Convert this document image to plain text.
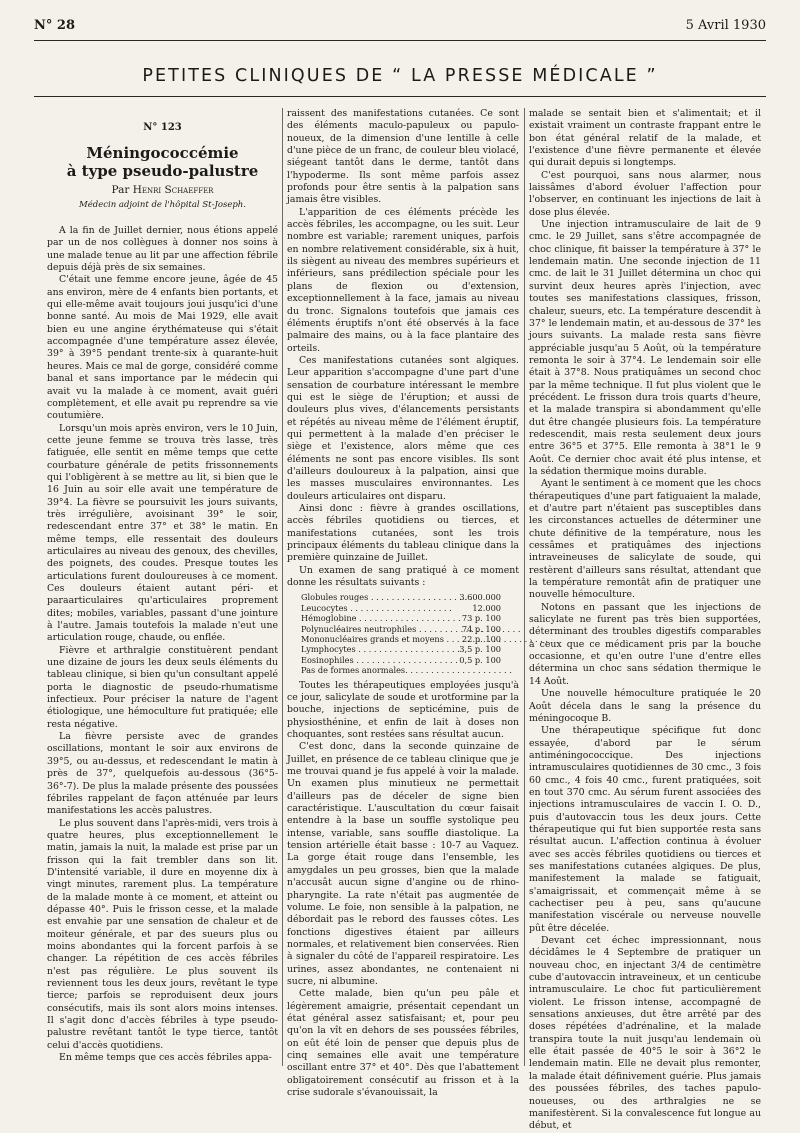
N° 28	5 Avril 1930
PETITES CLINIQUES DE “ LA PRESSE MÉDICALE ”
N° 123
Méningococcémie
à type pseudo-palustre
Par Henri Schaeffer
Médecin adjoint de l'hôpital St-Joseph.

A la fin de Juillet dernier, nous étions appelé par un de nos collègues à donner nos soins à une malade tenue au lit par une affection fébrile depuis déjà près de six semaines.

C'était une femme encore jeune, âgée de 45 ans environ, mère de 4 enfants bien portants, et qui elle-même avait toujours joui jusqu'ici d'une bonne santé. Au mois de Mai 1929, elle avait bien eu une angine érythémateuse qui s'était accompagnée d'une température assez élevée, 39° à 39°5 pendant trente-six à quarante-huit heures. Mais ce mal de gorge, considéré comme banal et sans importance par le médecin qui avait vu la malade à ce moment, avait guéri complètement, et elle avait pu reprendre sa vie coutumière.

Lorsqu'un mois après environ, vers le 10 Juin, cette jeune femme se trouva très lasse, très fatiguée, elle sentit en même temps que cette courbature générale de petits frissonnements qui l'obligèrent à se mettre au lit, si bien que le 16 Juin au soir elle avait une température de 39°4. La fièvre se poursuivit les jours suivants, très irrégulière, avoisinant 39° le soir, redescendant entre 37° et 38° le matin. En même temps, elle ressentait des douleurs articulaires au niveau des genoux, des chevilles, des poignets, des coudes. Presque toutes les articulations furent douloureuses à ce moment. Ces douleurs étaient autant péri- et paraarticulaires qu'articulaires proprement dites; mobiles, variables, passant d'une jointure à l'autre. Jamais toutefois la malade n'eut une articulation rouge, chaude, ou enflée.

Fièvre et arthralgie constituèrent pendant une dizaine de jours les deux seuls éléments du tableau clinique, si bien qu'un consultant appelé porta le diagnostic de pseudo-rhumatisme infectieux. Pour préciser la nature de l'agent étiologique, une hémoculture fut pratiquée; elle resta négative.

La fièvre persiste avec de grandes oscillations, montant le soir aux environs de 39°5, ou au-dessus, et redescendant le matin à près de 37°, quelquefois au-dessous (36°5-36°-7). De plus la malade présente des poussées fébriles rappelant de façon atténuée par leurs manifestations les accès palustres.

Le plus souvent dans l'après-midi, vers trois à quatre heures, plus exceptionnellement le matin, jamais la nuit, la malade est prise par un frisson qui la fait trembler dans son lit. D'intensité variable, il dure en moyenne dix à vingt minutes, rarement plus. La température de la malade monte à ce moment, et atteint ou dépasse 40°. Puis le frisson cesse, et la malade est envahie par une sensation de chaleur et de moiteur générale, et par des sueurs plus ou moins abondantes qui la forcent parfois à se changer. La répétition de ces accès fébriles n'est pas régulière. Le plus souvent ils reviennent tous les deux jours, revêtant le type tierce; parfois se reproduisent deux jours consécutifs, mais ils sont alors moins intenses. Il s'agit donc d'accès fébriles à type pseudo-palustre revêtant tantôt le type tierce, tantôt celui d'accès quotidiens.

En même temps que ces accès fébriles appa-

raissent des manifestations cutanées. Ce sont des éléments maculo-papuleux ou papulo-noueux, de la dimension d'une lentille à celle d'une pièce de un franc, de couleur bleu violacé, siégeant tantôt dans le derme, tantôt dans l'hypoderme. Ils sont même parfois assez profonds pour être sentis à la palpation sans jamais être visibles.

L'apparition de ces éléments précède les accès fébriles, les accompagne, ou les suit. Leur nombre est variable; rarement uniques, parfois en nombre relativement considérable, six à huit, ils siègent au niveau des membres supérieurs et inférieurs, sans prédilection spéciale pour les plans de flexion ou d'extension, exceptionnellement à la face, jamais au niveau du tronc. Signalons toutefois que jamais ces éléments éruptifs n'ont été observés à la face palmaire des mains, ou à la face plantaire des orteils.

Ces manifestations cutanées sont algiques. Leur apparition s'accompagne d'une part d'une sensation de courbature intéressant le membre qui est le siège de l'éruption; et aussi de douleurs plus vives, d'élancements persistants et répétés au niveau même de l'élément éruptif, qui permettent à la malade d'en préciser le siège et l'existence, alors même que ces éléments ne sont pas encore visibles. Ils sont d'ailleurs douloureux à la palpation, ainsi que les masses musculaires environnantes. Les douleurs articulaires ont disparu.

Ainsi donc : fièvre à grandes oscillations, accès fébriles quotidiens ou tierces, et manifestations cutanées, sont les trois principaux éléments du tableau clinique dans la première quinzaine de Juillet.

Un examen de sang pratiqué à ce moment donne les résultats suivants :

Globules rouges . . .	3.600.000
Leucocytes . . .	12.000
Hémoglobine . . .	73 p. 100
Polynucléaires neutrophiles . . .	74 p. 100
Mononucléaires grands et moyens . . .	22 p. 100
Lymphocytes . . .	3,5 p. 100
Eosinophiles . . .	0,5 p. 100
Pas de formes anormales. . . .

Toutes les thérapeutiques employées jusqu'à ce jour, salicylate de soude et urotformine par la bouche, injections de septicémine, puis de physiosthénine, et enfin de lait à doses non choquantes, sont restées sans résultat aucun.

C'est donc, dans la seconde quinzaine de Juillet, en présence de ce tableau clinique que je me trouvai quand je fus appelé à voir la malade. Un examen plus minutieux ne permettait d'ailleurs pas de déceler de signe bien caractéristique. L'auscultation du cœur faisait entendre à la base un souffle systolique peu intense, variable, sans souffle diastolique. La tension artérielle était basse : 10-7 au Vaquez. La gorge était rouge dans l'ensemble, les amygdales un peu grosses, bien que la malade n'accusât aucun signe d'angine ou de rhino-pharyngite. La rate n'était pas augmentée de volume. Le foie, non sensible à la palpation, ne débordait pas le rebord des fausses côtes. Les fonctions digestives étaient par ailleurs normales, et relativement bien conservées. Rien à signaler du côté de l'appareil respiratoire. Les urines, assez abondantes, ne contenaient ni sucre, ni albumine.

Cette malade, bien qu'un peu pâle et légèrement amaigrie, présentait cependant un état général assez satisfaisant; et, pour peu qu'on la vît en dehors de ses poussées fébriles, on eût été loin de penser que depuis plus de cinq semaines elle avait une température oscillant entre 37° et 40°. Dès que l'abattement obligatoirement consécutif au frisson et à la crise sudorale s'évanouissait, la

malade se sentait bien et s'alimentait; et il existait vraiment un contraste frappant entre le bon état général relatif de la malade, et l'existence d'une fièvre permanente et élevée qui durait depuis si longtemps.

C'est pourquoi, sans nous alarmer, nous laissâmes d'abord évoluer l'affection pour l'observer, en continuant les injections de lait à dose plus élevée.

Une injection intramusculaire de lait de 9 cmc. le 29 Juillet, sans s'être accompagnée de choc clinique, fit baisser la température à 37° le lendemain matin. Une seconde injection de 11 cmc. de lait le 31 Juillet détermina un choc qui survint deux heures après l'injection, avec toutes ses manifestations classiques, frisson, chaleur, sueurs, etc. La température descendit à 37° le lendemain matin, et au-dessous de 37° les jours suivants. La malade resta sans fièvre appréciable jusqu'au 5 Août, où la température remonta le soir à 37°4. Le lendemain soir elle était à 37°8. Nous pratiquâmes un second choc par la même technique. Il fut plus violent que le précédent. Le frisson dura trois quarts d'heure, et la malade transpira si abondamment qu'elle dut être changée plusieurs fois. La température redescendit, mais resta seulement deux jours entre 36°5 et 37°5. Elle remonta à 38°1 le 9 Août. Ce dernier choc avait été plus intense, et la sédation thermique moins durable.

Ayant le sentiment à ce moment que les chocs thérapeutiques d'une part fatiguaient la malade, et d'autre part n'étaient pas susceptibles dans les circonstances actuelles de déterminer une chute définitive de la température, nous les cessâmes et pratiquâmes des injections intraveineuses de salicylate de soude, qui restèrent d'ailleurs sans résultat, attendant que la température remontât afin de pratiquer une nouvelle hémoculture.

Notons en passant que les injections de salicylate ne furent pas très bien supportées, déterminant des troubles digestifs comparables à ceux que ce médicament pris par la bouche occasionne, et qu'en outre l'une d'entre elles détermina un choc sans sédation thermique le 14 Août.

Une nouvelle hémoculture pratiquée le 20 Août décela dans le sang la présence du méningocoque B.

Une thérapeutique spécifique fut donc essayée, d'abord par le sérum antiméningococcique. Des injections intramusculaires quotidiennes de 30 cmc., 3 fois 60 cmc., 4 fois 40 cmc., furent pratiquées, soit en tout 370 cmc. Au sérum furent associées des injections intramusculaires de vaccin I. O. D., puis d'autovaccin tous les deux jours. Cette thérapeutique qui fut bien supportée resta sans résultat aucun. L'affection continua à évoluer avec ses accès fébriles quotidiens ou tierces et ses manifestations cutanées algiques. De plus, manifestement la malade se fatiguait, s'amaigrissait, et commençait même à se cachectiser peu à peu, sans qu'aucune manifestation viscérale ou nerveuse nouvelle pût être décelée.

Devant cet échec impressionnant, nous décidâmes le 4 Septembre de pratiquer un nouveau choc, en injectant 3/4 de centimètre cube d'autovaccin intraveineux, et un centicube intramusculaire. Le choc fut particulièrement violent. Le frisson intense, accompagné de sensations anxieuses, dut être arrêté par des doses répétées d'adrénaline, et la malade transpira toute la nuit jusqu'au lendemain où elle était passée de 40°5 le soir à 36°2 le lendemain matin. Elle ne devait plus remonter, la malade était définivement guérie. Plus jamais des poussées fébriles, des taches papulo-noueuses, ou des arthralgies ne se manifestèrent. Si la convalescence fut longue au début, et
